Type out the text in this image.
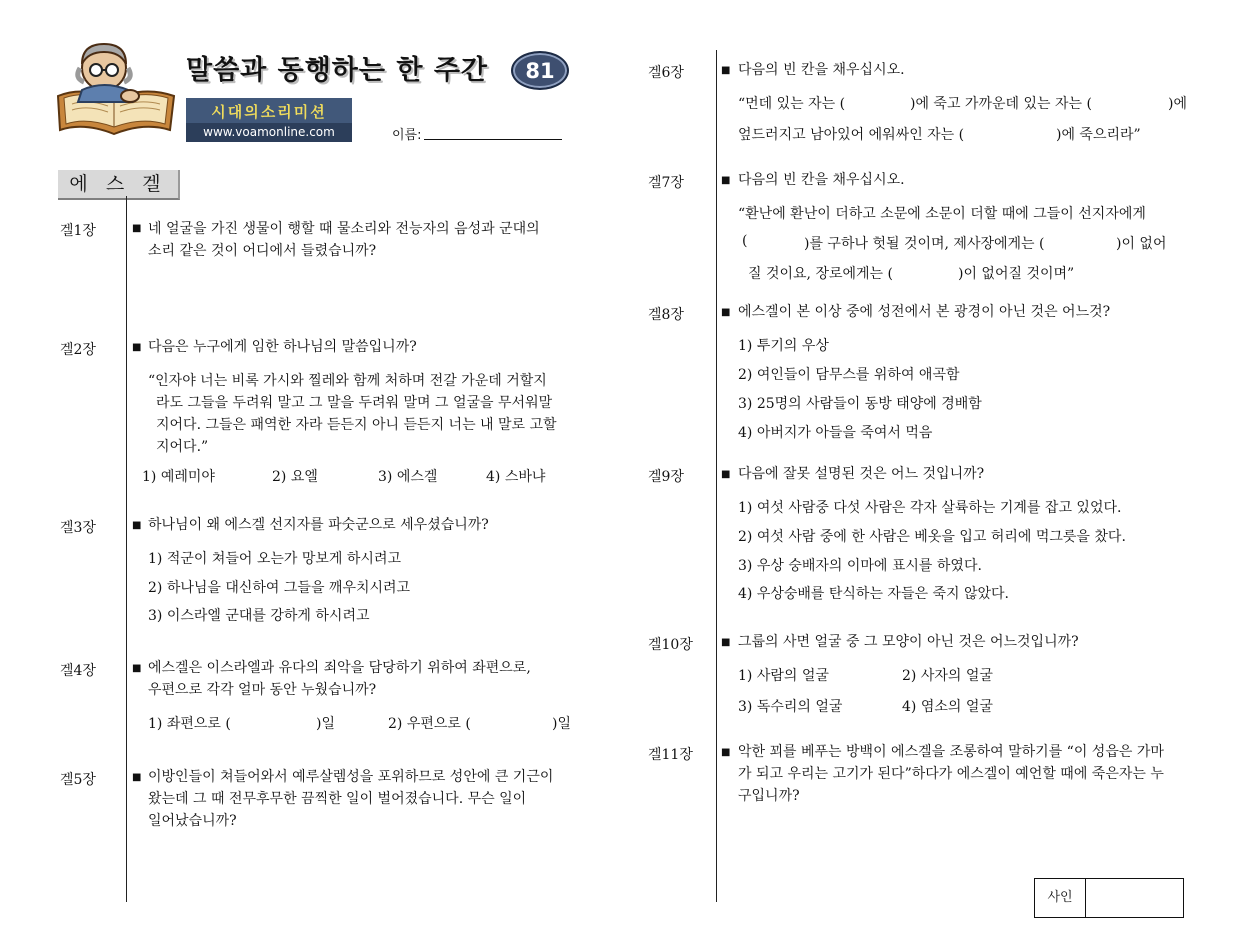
말씀과 동행하는 한 주간	81
시대의소리미션
www.voamonline.com	이름:
에 스 겔
겔1장	■ 네 얼굴을 가진 생물이 행할 때 물소리와 전능자의 음성과 군대의
소리 같은 것이 어디에서 들렸습니까?
겔2장	■ 다음은 누구에게 임한 하나님의 말씀입니까?
“인자야 너는 비록 가시와 찔레와 함께 처하며 전갈 가운데 거할지
라도 그들을 두려워 말고 그 말을 두려워 말며 그 얼굴을 무서워말
지어다. 그들은 패역한 자라 듣든지 아니 듣든지 너는 내 말로 고할
지어다.”
1) 예레미야	2) 요엘	3) 에스겔	4) 스바냐
겔3장	■ 하나님이 왜 에스겔 선지자를 파숫군으로 세우셨습니까?
1) 적군이 쳐들어 오는가 망보게 하시려고
2) 하나님을 대신하여 그들을 깨우치시려고
3) 이스라엘 군대를 강하게 하시려고
겔4장	■ 에스겔은 이스라엘과 유다의 죄악을 담당하기 위하여 좌편으로,
우편으로 각각 얼마 동안 누웠습니까?
1) 좌편으로 (	)일	2) 우편으로 (	)일
겔5장	■ 이방인들이 쳐들어와서 예루살렘성을 포위하므로 성안에 큰 기근이
왔는데 그 때 전무후무한 끔찍한 일이 벌어졌습니다. 무슨 일이
일어났습니까?
겔6장	■ 다음의 빈 칸을 채우십시오.
“먼데 있는 자는 (	)에 죽고 가까운데 있는 자는 (	)에
엎드러지고 남아있어 에워싸인 자는 (	)에 죽으리라”
겔7장	■ 다음의 빈 칸을 채우십시오.
“환난에 환난이 더하고 소문에 소문이 더할 때에 그들이 선지자에게
(	)를 구하나 헛될 것이며, 제사장에게는 (	)이 없어
질 것이요, 장로에게는 (	)이 없어질 것이며”
겔8장	■ 에스겔이 본 이상 중에 성전에서 본 광경이 아닌 것은 어느것?
1) 투기의 우상
2) 여인들이 담무스를 위하여 애곡함
3) 25명의 사람들이 동방 태양에 경배함
4) 아버지가 아들을 죽여서 먹음
겔9장	■ 다음에 잘못 설명된 것은 어느 것입니까?
1) 여섯 사람중 다섯 사람은 각자 살륙하는 기계를 잡고 있었다.
2) 여섯 사람 중에 한 사람은 베옷을 입고 허리에 먹그릇을 찼다.
3) 우상 숭배자의 이마에 표시를 하였다.
4) 우상숭배를 탄식하는 자들은 죽지 않았다.
겔10장	■ 그룹의 사면 얼굴 중 그 모양이 아닌 것은 어느것입니까?
1) 사람의 얼굴	2) 사자의 얼굴
3) 독수리의 얼굴	4) 염소의 얼굴
겔11장	■ 악한 꾀를 베푸는 방백이 에스겔을 조롱하여 말하기를 “이 성읍은 가마
가 되고 우리는 고기가 된다”하다가 에스겔이 예언할 때에 죽은자는 누
구입니까?
사인
